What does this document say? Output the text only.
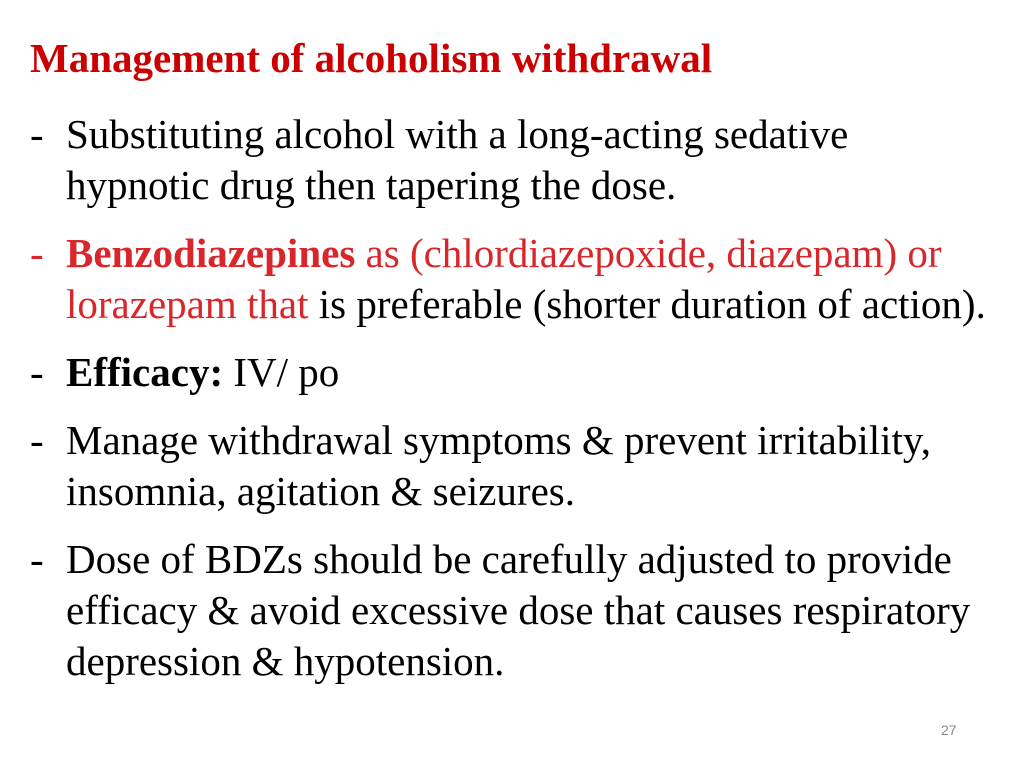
Management of alcoholism withdrawal
- Substituting alcohol with a long-acting sedative hypnotic drug then tapering the dose.
- Benzodiazepines as (chlordiazepoxide, diazepam) or lorazepam that is preferable (shorter duration of action).
- Efficacy: IV/ po
- Manage withdrawal symptoms & prevent irritability, insomnia, agitation & seizures.
- Dose of BDZs should be carefully adjusted to provide efficacy & avoid excessive dose that causes respiratory depression & hypotension.
27
